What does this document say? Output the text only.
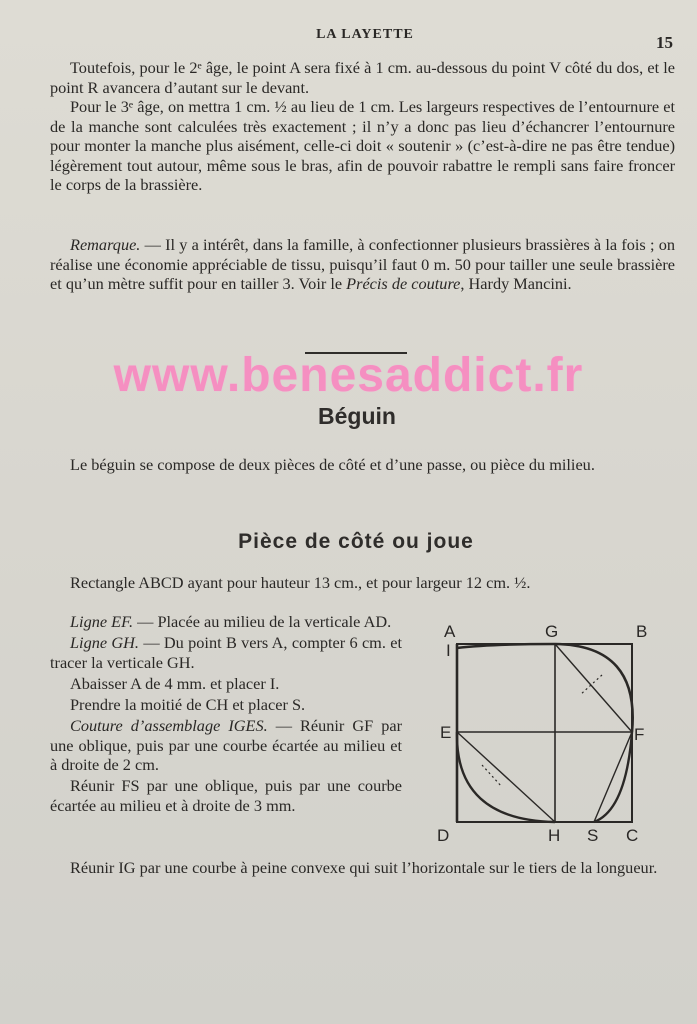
LA LAYETTE	15

Toutefois, pour le 2ᵉ âge, le point A sera fixé à 1 cm. au-dessous du point V côté du dos, et le point R avancera d’autant sur le devant.

Pour le 3ᵉ âge, on mettra 1 cm. ½ au lieu de 1 cm. Les largeurs respectives de l’entournure et de la manche sont calculées très exactement ; il n’y a donc pas lieu d’échancrer l’entournure pour monter la manche plus aisément, celle-ci doit « soutenir » (c’est-à-dire ne pas être tendue) légèrement tout autour, même sous le bras, afin de pouvoir rabattre le rempli sans faire froncer le corps de la brassière.

Remarque. — Il y a intérêt, dans la famille, à confectionner plusieurs brassières à la fois ; on réalise une économie appréciable de tissu, puisqu’il faut 0 m. 50 pour tailler une seule brassière et qu’un mètre suffit pour en tailler 3. Voir le Précis de couture, Hardy Mancini.

www.benesaddict.fr
Béguin

Le béguin se compose de deux pièces de côté et d’une passe, ou pièce du milieu.

Pièce de côté ou joue

Rectangle ABCD ayant pour hauteur 13 cm., et pour largeur 12 cm. ½.

Ligne EF. — Placée au milieu de la verticale AD.

Ligne GH. — Du point B vers A, compter 6 cm. et tracer la verticale GH.

Abaisser A de 4 mm. et placer I.

Prendre la moitié de CH et placer S.

Couture d’assemblage IGES. — Réunir GF par une oblique, puis par une courbe écartée au milieu et à droite de 2 cm.

Réunir FS par une oblique, puis par une courbe écartée au milieu et à droite de 3 mm.

A	G	B
I
E	F
D	H S C

Réunir IG par une courbe à peine convexe qui suit l’horizontale sur le tiers de la longueur.
